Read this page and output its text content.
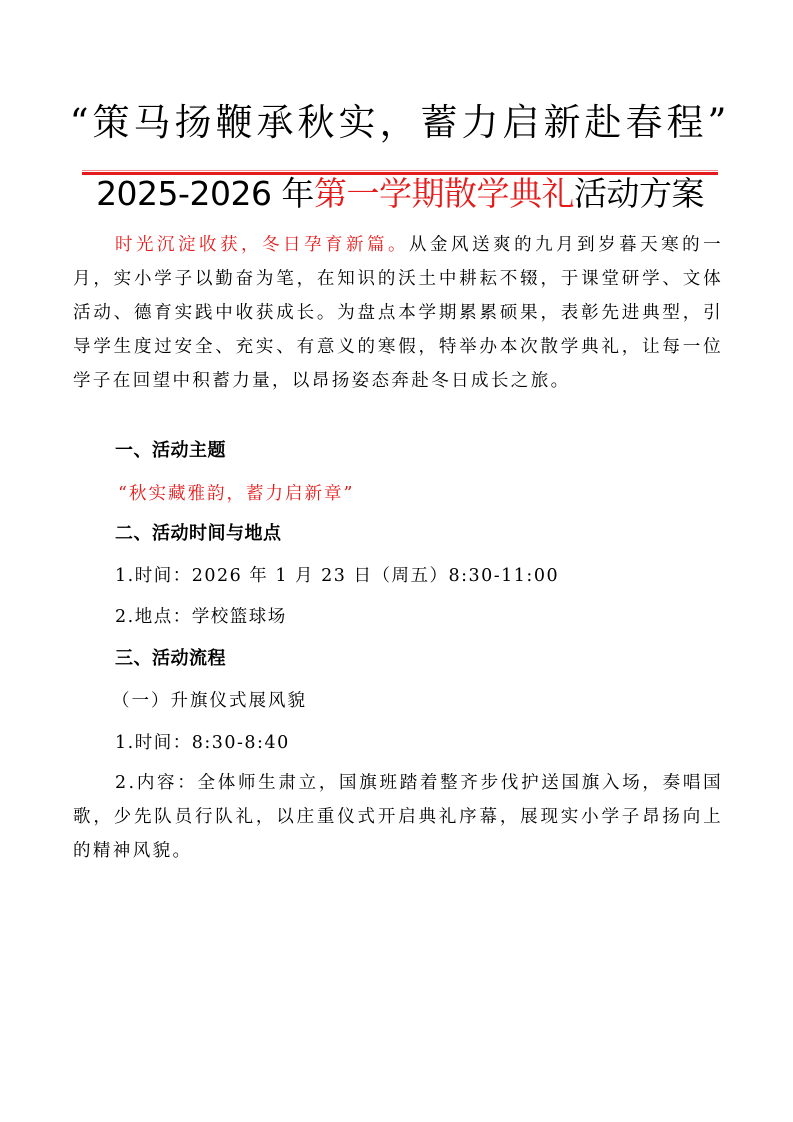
“策马扬鞭承秋实，蓄力启新赴春程”
2025-2026 年第一学期散学典礼活动方案
时光沉淀收获，冬日孕育新篇。从金风送爽的九月到岁暮天寒的一月，实小学子以勤奋为笔，在知识的沃土中耕耘不辍，于课堂研学、文体活动、德育实践中收获成长。为盘点本学期累累硕果，表彰先进典型，引导学生度过安全、充实、有意义的寒假，特举办本次散学典礼，让每一位学子在回望中积蓄力量，以昂扬姿态奔赴冬日成长之旅。
一、活动主题
“秋实藏雅韵，蓄力启新章”
二、活动时间与地点
1.时间：2026 年 1 月 23 日（周五）8:30-11:00
2.地点：学校篮球场
三、活动流程
（一）升旗仪式展风貌
1.时间：8:30-8:40
2.内容：全体师生肃立，国旗班踏着整齐步伐护送国旗入场，奏唱国歌，少先队员行队礼，以庄重仪式开启典礼序幕，展现实小学子昂扬向上的精神风貌。
